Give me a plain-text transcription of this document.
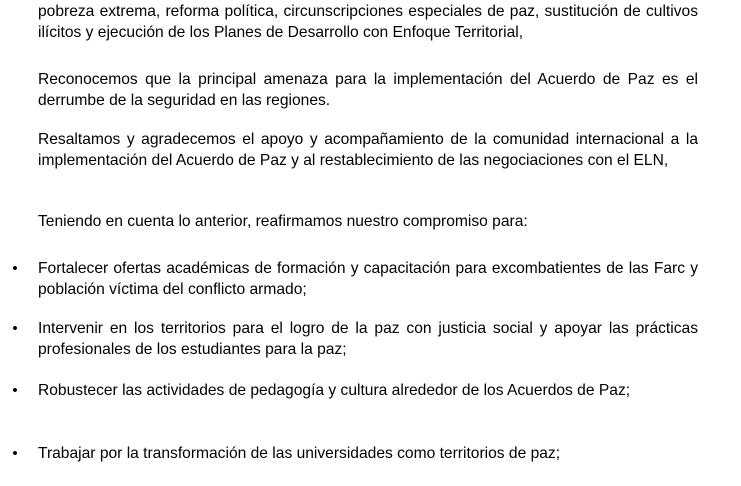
pobreza extrema, reforma política, circunscripciones especiales de paz, sustitución de cultivos ilícitos y ejecución de los Planes de Desarrollo con Enfoque Territorial,

Reconocemos que la principal amenaza para la implementación del Acuerdo de Paz es el derrumbe de la seguridad en las regiones.

Resaltamos y agradecemos el apoyo y acompañamiento de la comunidad internacional a la implementación del Acuerdo de Paz y al restablecimiento de las negociaciones con el ELN,

Teniendo en cuenta lo anterior, reafirmamos nuestro compromiso para:

• Fortalecer ofertas académicas de formación y capacitación para excombatientes de las Farc y población víctima del conflicto armado;

• Intervenir en los territorios para el logro de la paz con justicia social y apoyar las prácticas profesionales de los estudiantes para la paz;

• Robustecer las actividades de pedagogía y cultura alrededor de los Acuerdos de Paz;

• Trabajar por la transformación de las universidades como territorios de paz;
